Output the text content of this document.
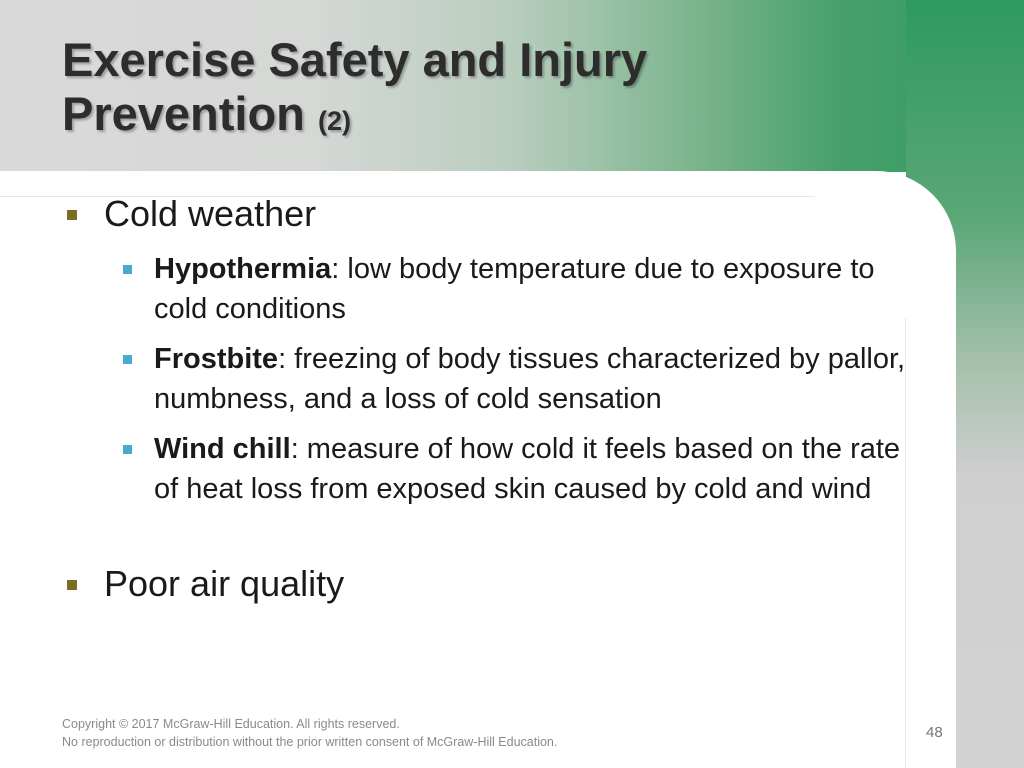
Exercise Safety and Injury
Prevention (2)
Cold weather
Hypothermia: low body temperature due to exposure to cold conditions
Frostbite: freezing of body tissues characterized by pallor, numbness, and a loss of cold sensation
Wind chill: measure of how cold it feels based on the rate of heat loss from exposed skin caused by cold and wind
Poor air quality
Copyright © 2017 McGraw-Hill Education. All rights reserved.
No reproduction or distribution without the prior written consent of McGraw-Hill Education.
48
